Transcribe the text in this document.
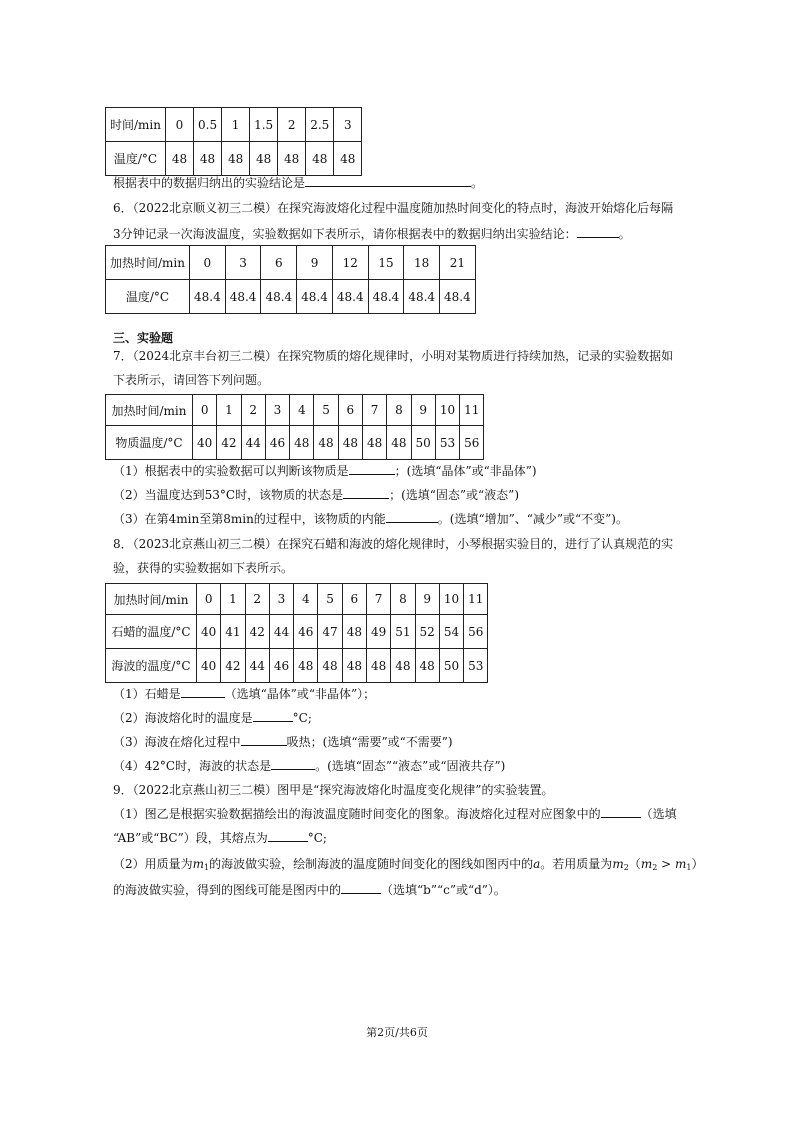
时间/min	0	0.5	1	1.5	2	2.5	3
温度/°C	48	48	48	48	48	48	48
根据表中的数据归纳出的实验结论是	。
6．（2022北京顺义初三二模）在探究海波熔化过程中温度随加热时间变化的特点时，海波开始熔化后每隔
3分钟记录一次海波温度，实验数据如下表所示，请你根据表中的数据归纳出实验结论：	。
加热时间/min	0	3	6	9	12	15	18	21
温度/°C	48.4	48.4	48.4	48.4	48.4	48.4	48.4	48.4
三、实验题
7．（2024北京丰台初三二模）在探究物质的熔化规律时，小明对某物质进行持续加热，记录的实验数据如
下表所示，请回答下列问题。
加热时间/min	0	1	2	3	4	5	6	7	8	9	10	11
物质温度/°C	40	42	44	46	48	48	48	48	48	50	53	56
（1）根据表中的实验数据可以判断该物质是	；(选填“晶体”或“非晶体”)
（2）当温度达到53°C时，该物质的状态是	；(选填“固态”或“液态”)
（3）在第4min至第8min的过程中，该物质的内能	。(选填“增加”、“减少”或“不变”)。
8．（2023北京燕山初三二模）在探究石蜡和海波的熔化规律时，小琴根据实验目的，进行了认真规范的实
验，获得的实验数据如下表所示。
加热时间/min	0	1	2	3	4	5	6	7	8	9	10	11
石蜡的温度/°C	40	41	42	44	46	47	48	49	51	52	54	56
海波的温度/°C	40	42	44	46	48	48	48	48	48	48	50	53
（1）石蜡是	（选填“晶体”或“非晶体”）；
（2）海波熔化时的温度是	°C;
（3）海波在熔化过程中	吸热；(选填“需要”或“不需要”)
（4）42°C时，海波的状态是	。(选填“固态”“液态”或“固液共存”)
9．（2022北京燕山初三二模）图甲是“探究海波熔化时温度变化规律”的实验装置。
（1）图乙是根据实验数据描绘出的海波温度随时间变化的图象。海波熔化过程对应图象中的	（选填
“AB”或“BC”）段，其熔点为	°C;
（2）用质量为$m_1$的海波做实验，绘制海波的温度随时间变化的图线如图丙中的a。若用质量为$m_2(m_2 > m_1)$
的海波做实验，得到的图线可能是图丙中的	（选填“b”“c”或“d”）。
第2页/共6页
